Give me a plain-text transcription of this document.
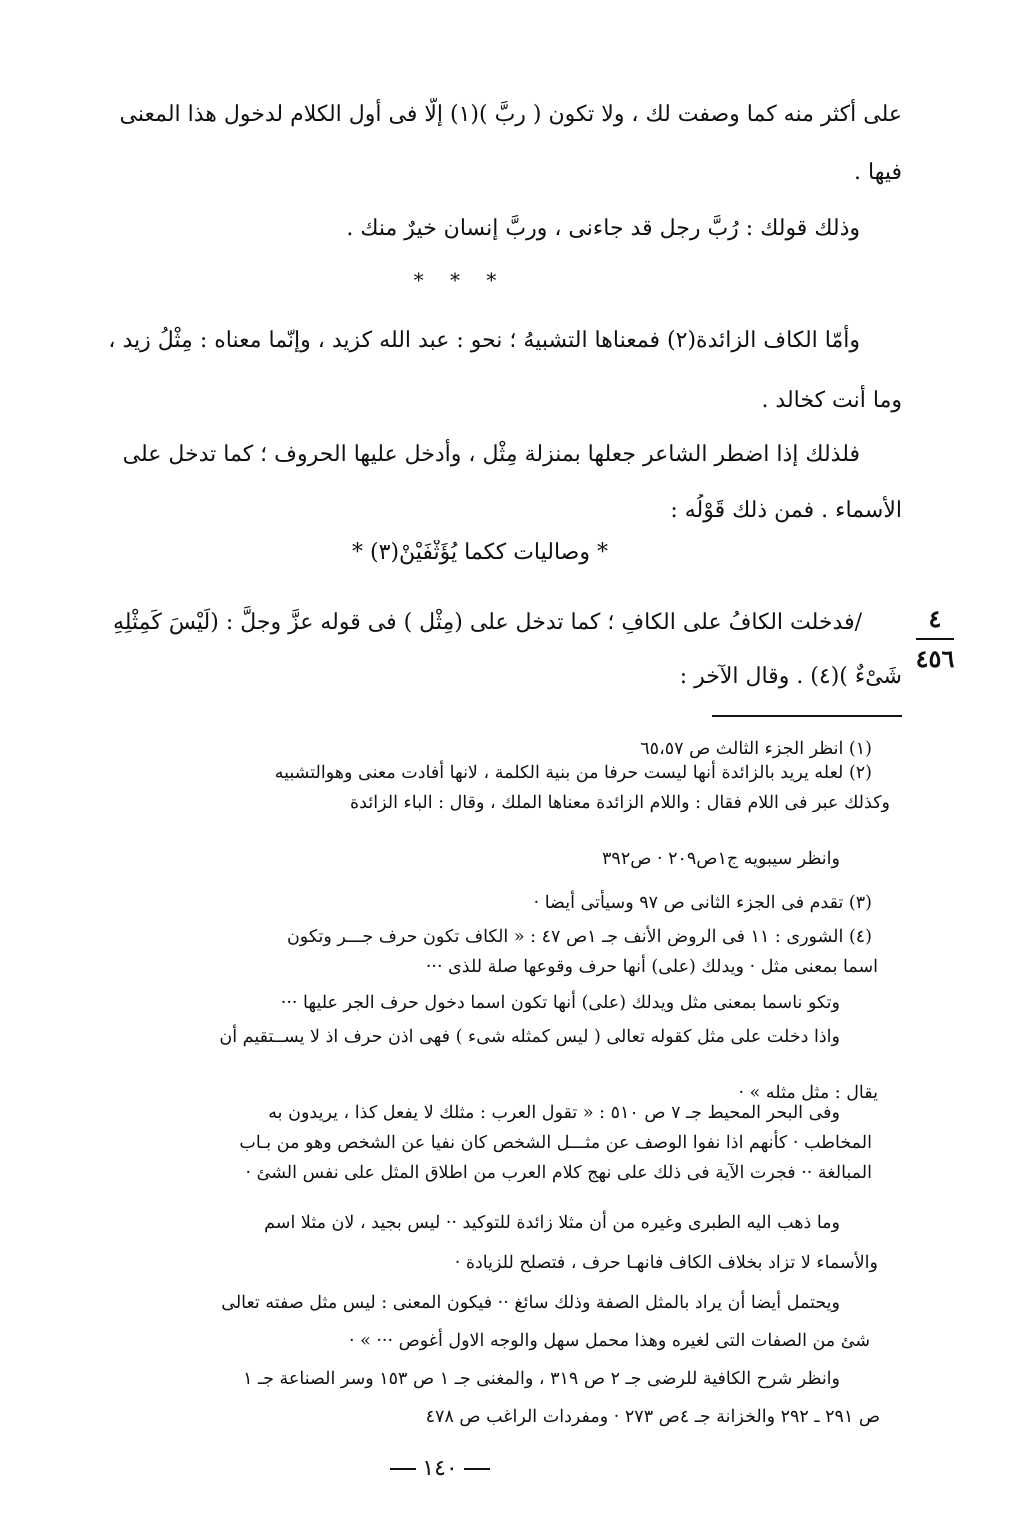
على أكثر منه كما وصفت لك ، ولا تكون ( ربَّ )(١) إلّا فى أول الكلام لدخول هذا المعنى
فيها .
وذلك قولك : رُبَّ رجل قد جاءنى ، وربَّ إنسان خيرٌ منك .
* * *
وأمّا الكاف الزائدة(٢) فمعناها التشبيهُ ؛ نحو : عبد الله كزيد ، وإنّما معناه : مِثْلُ زيد ،
وما أنت كخالد .
فلذلك إذا اضطر الشاعر جعلها بمنزلة مِثْل ، وأدخل عليها الحروف ؛ كما تدخل على
الأسماء . فمن ذلك قَوْلُه :
* وصاليات ككما يُؤَثْفَيْنْ(٣) *
/فدخلت الكافُ على الكافِ ؛ كما تدخل على (مِثْل ) فى قوله عزَّ وجلَّ : (لَيْسَ كَمِثْلِهِ
شَىْءٌ )(٤) . وقال الآخر :
٤
٤٥٦
(١) انظر الجزء الثالث ص ٦٥،٥٧
(٢) لعله يريد بالزائدة أنها ليست حرفا من بنية الكلمة ، لانها أفادت معنى وهوالتشبيه
وكذلك عبر فى اللام فقال : واللام الزائدة معناها الملك ، وقال : الباء الزائدة
وانظر سيبويه ج١ص٢٠٩ · ص٣٩٢
(٣) تقدم فى الجزء الثانى ص ٩٧ وسيأتى أيضا ·
(٤) الشورى : ١١ فى الروض الأنف جـ ١ص ٤٧ : « الكاف تكون حرف جـــر وتكون
اسما بمعنى مثل · ويدلك (على) أنها حرف وقوعها صلة للذى ···
وتكو ناسما بمعنى مثل ويدلك (على) أنها تكون اسما دخول حرف الجر عليها ···
واذا دخلت على مثل كقوله تعالى ( ليس كمثله شىء ) فهى اذن حرف اذ لا يســتقيم أن
يقال : مثل مثله » ·
وفى البحر المحيط جـ ٧ ص ٥١٠ : « تقول العرب : مثلك لا يفعل كذا ، يريدون به
المخاطب · كأنهم اذا نفوا الوصف عن مثـــل الشخص كان نفيا عن الشخص وهو من بـاب
المبالغة ·· فجرت الآية فى ذلك على نهج كلام العرب من اطلاق المثل على نفس الشئ ·
وما ذهب اليه الطبرى وغيره من أن مثلا زائدة للتوكيد ·· ليس بجيد ، لان مثلا اسم
والأسماء لا تزاد بخلاف الكاف فانهـا حرف ، فتصلح للزيادة ·
ويحتمل أيضا أن يراد بالمثل الصفة وذلك سائغ ·· فيكون المعنى : ليس مثل صفته تعالى
شئ من الصفات التى لغيره وهذا محمل سهل والوجه الاول أغوص ··· » ·
وانظر شرح الكافية للرضى جـ ٢ ص ٣١٩ ، والمغنى جـ ١ ص ١٥٣ وسر الصناعة جـ ١
ص ٢٩١ ـ ٢٩٢ والخزانة جـ ٤ص ٢٧٣ · ومفردات الراغب ص ٤٧٨
١٤٠
